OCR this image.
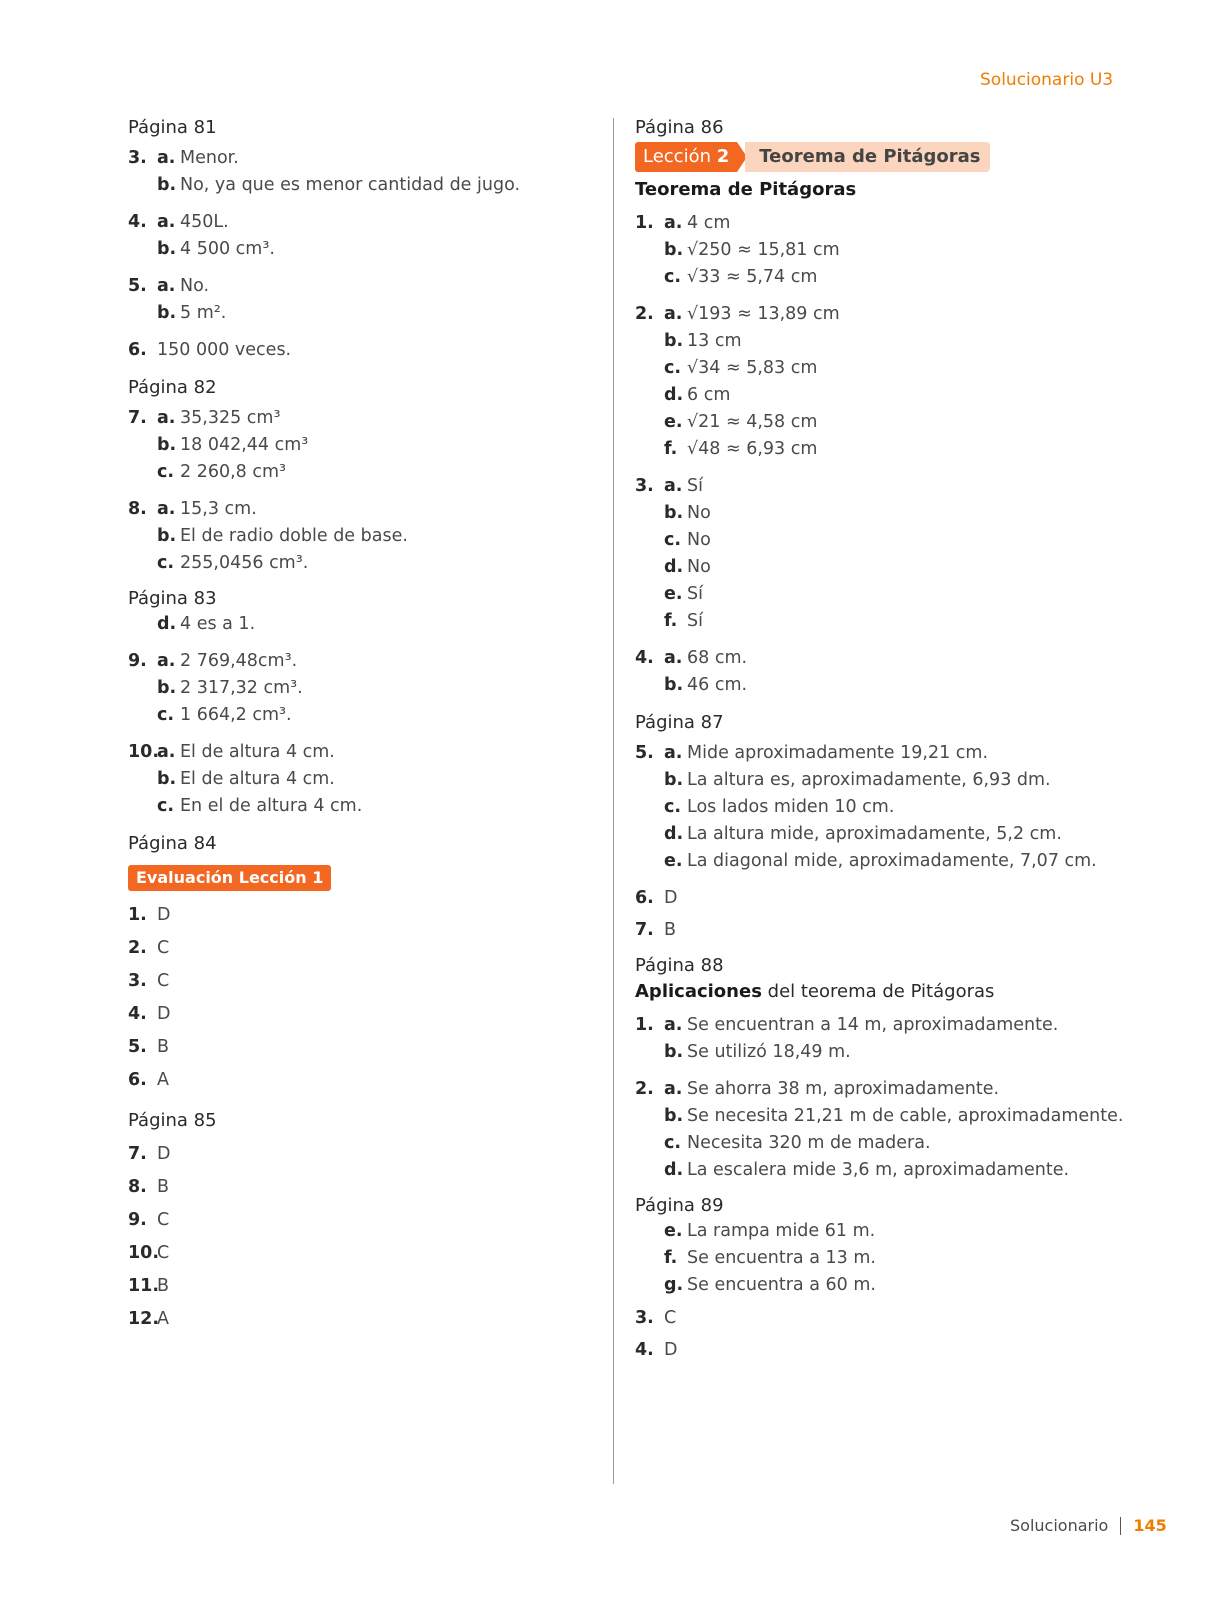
Solucionario U3
Página 81
3. a. Menor.
b. No, ya que es menor cantidad de jugo.
4. a. 450L.
b. 4 500 cm³.
5. a. No.
b. 5 m².
6. 150 000 veces.
Página 82
7. a. 35,325 cm³
b. 18 042,44 cm³
c. 2 260,8 cm³
8. a. 15,3 cm.
b. El de radio doble de base.
c. 255,0456 cm³.
Página 83
d. 4 es a 1.
9. a. 2 769,48cm³.
b. 2 317,32 cm³.
c. 1 664,2 cm³.
10.
a. El de altura 4 cm.
b. El de altura 4 cm.
c. En el de altura 4 cm.
Página 84
Evaluación Lección 1
1. D
2. C
3. C
4. D
5. B
6. A
Página 85
7. D
8. B
9. C
10.
C
11.
B
12.
A
Página 86
Lección 2	Teorema de Pitágoras
Teorema de Pitágoras
1. a. 4 cm
b. √250 ≈ 15,81 cm
c. √33 ≈ 5,74 cm
2. a. √193 ≈ 13,89 cm
b. 13 cm
c. √34 ≈ 5,83 cm
d. 6 cm
e. √21 ≈ 4,58 cm
f. √48 ≈ 6,93 cm
3. a. Sí
b. No
c. No
d. No
e. Sí
f. Sí
4. a. 68 cm.
b. 46 cm.
Página 87
5. a. Mide aproximadamente 19,21 cm.
b. La altura es, aproximadamente, 6,93 dm.
c. Los lados miden 10 cm.
d. La altura mide, aproximadamente, 5,2 cm.
e. La diagonal mide, aproximadamente, 7,07 cm.
6. D
7. B
Página 88
Aplicaciones del teorema de Pitágoras
1. a. Se encuentran a 14 m, aproximadamente.
b. Se utilizó 18,49 m.
2. a. Se ahorra 38 m, aproximadamente.
b. Se necesita 21,21 m de cable, aproximadamente.
c. Necesita 320 m de madera.
d. La escalera mide 3,6 m, aproximadamente.
Página 89
e. La rampa mide 61 m.
f. Se encuentra a 13 m.
g. Se encuentra a 60 m.
3. C
4. D
Solucionario 145
